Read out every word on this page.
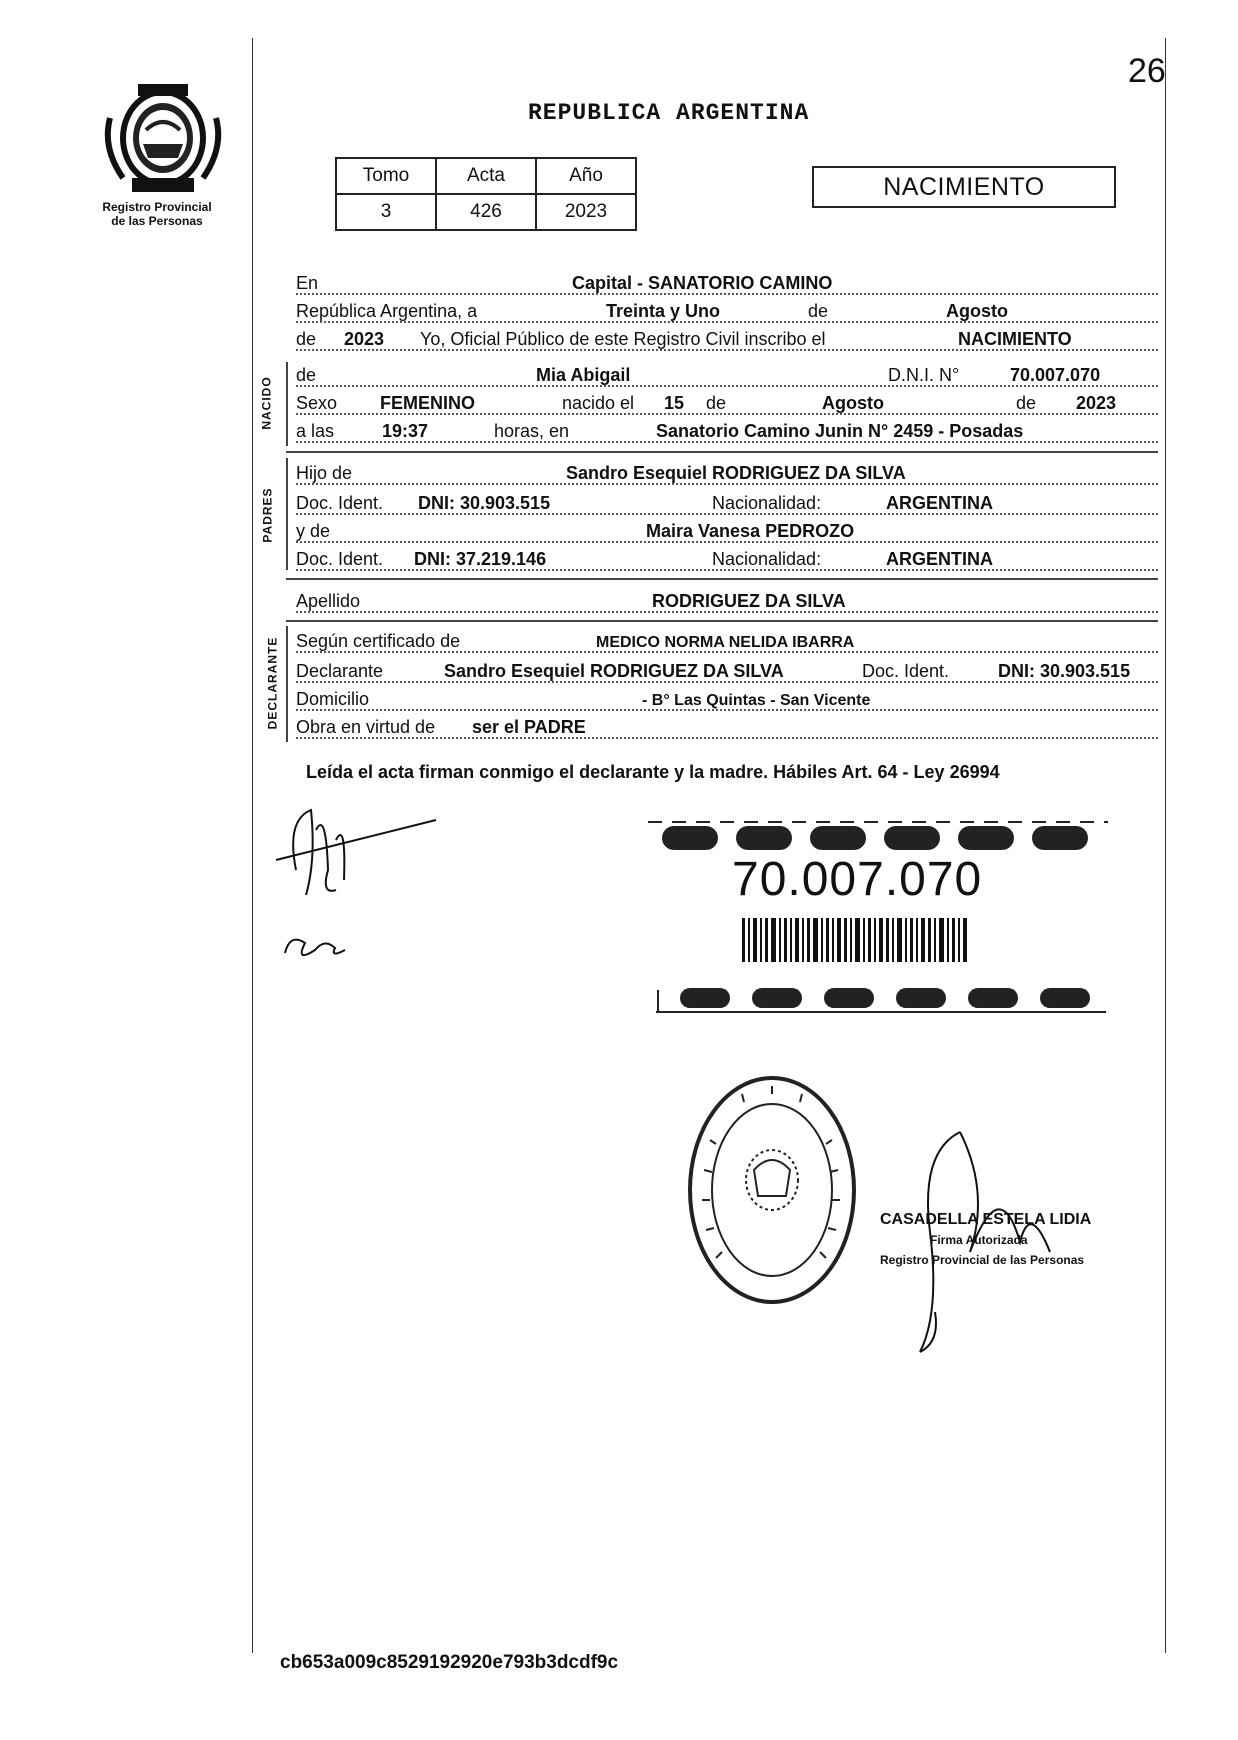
26
REPUBLICA ARGENTINA
Registro Provincial
de las Personas
Tomo	Acta	Año
3	426	2023
NACIMIENTO
En	Capital - SANATORIO CAMINO
República Argentina, a	Treinta y Uno	de	Agosto
de 2023 Yo, Oficial Público de este Registro Civil inscribo el	NACIMIENTO
NACIDO
de	Mia Abigail	D.N.I. N°	70.007.070
Sexo FEMENINO	nacido el 15 de	Agosto	de 2023
a las	19:37	horas, en	Sanatorio Camino Junin N° 2459 - Posadas
PADRES
Hijo de	Sandro Esequiel RODRIGUEZ DA SILVA
Doc. Ident. DNI: 30.903.515	Nacionalidad:	ARGENTINA
y de	Maira Vanesa PEDROZO
Doc. Ident. DNI: 37.219.146	Nacionalidad:	ARGENTINA
Apellido	RODRIGUEZ DA SILVA
DECLARANTE Según certificado de	MEDICO NORMA NELIDA IBARRA
Declarante	Sandro Esequiel RODRIGUEZ DA SILVA	Doc. Ident.	DNI: 30.903.515
Domicilio	- B° Las Quintas - San Vicente
Obra en virtud de ser el PADRE
Leída el acta firman conmigo el declarante y la madre. Hábiles Art. 64 - Ley 26994
70.007.070
CASADELLA ESTELA LIDIA
Firma Autorizada
Registro Provincial de las Personas
cb653a009c8529192920e793b3dcdf9c
